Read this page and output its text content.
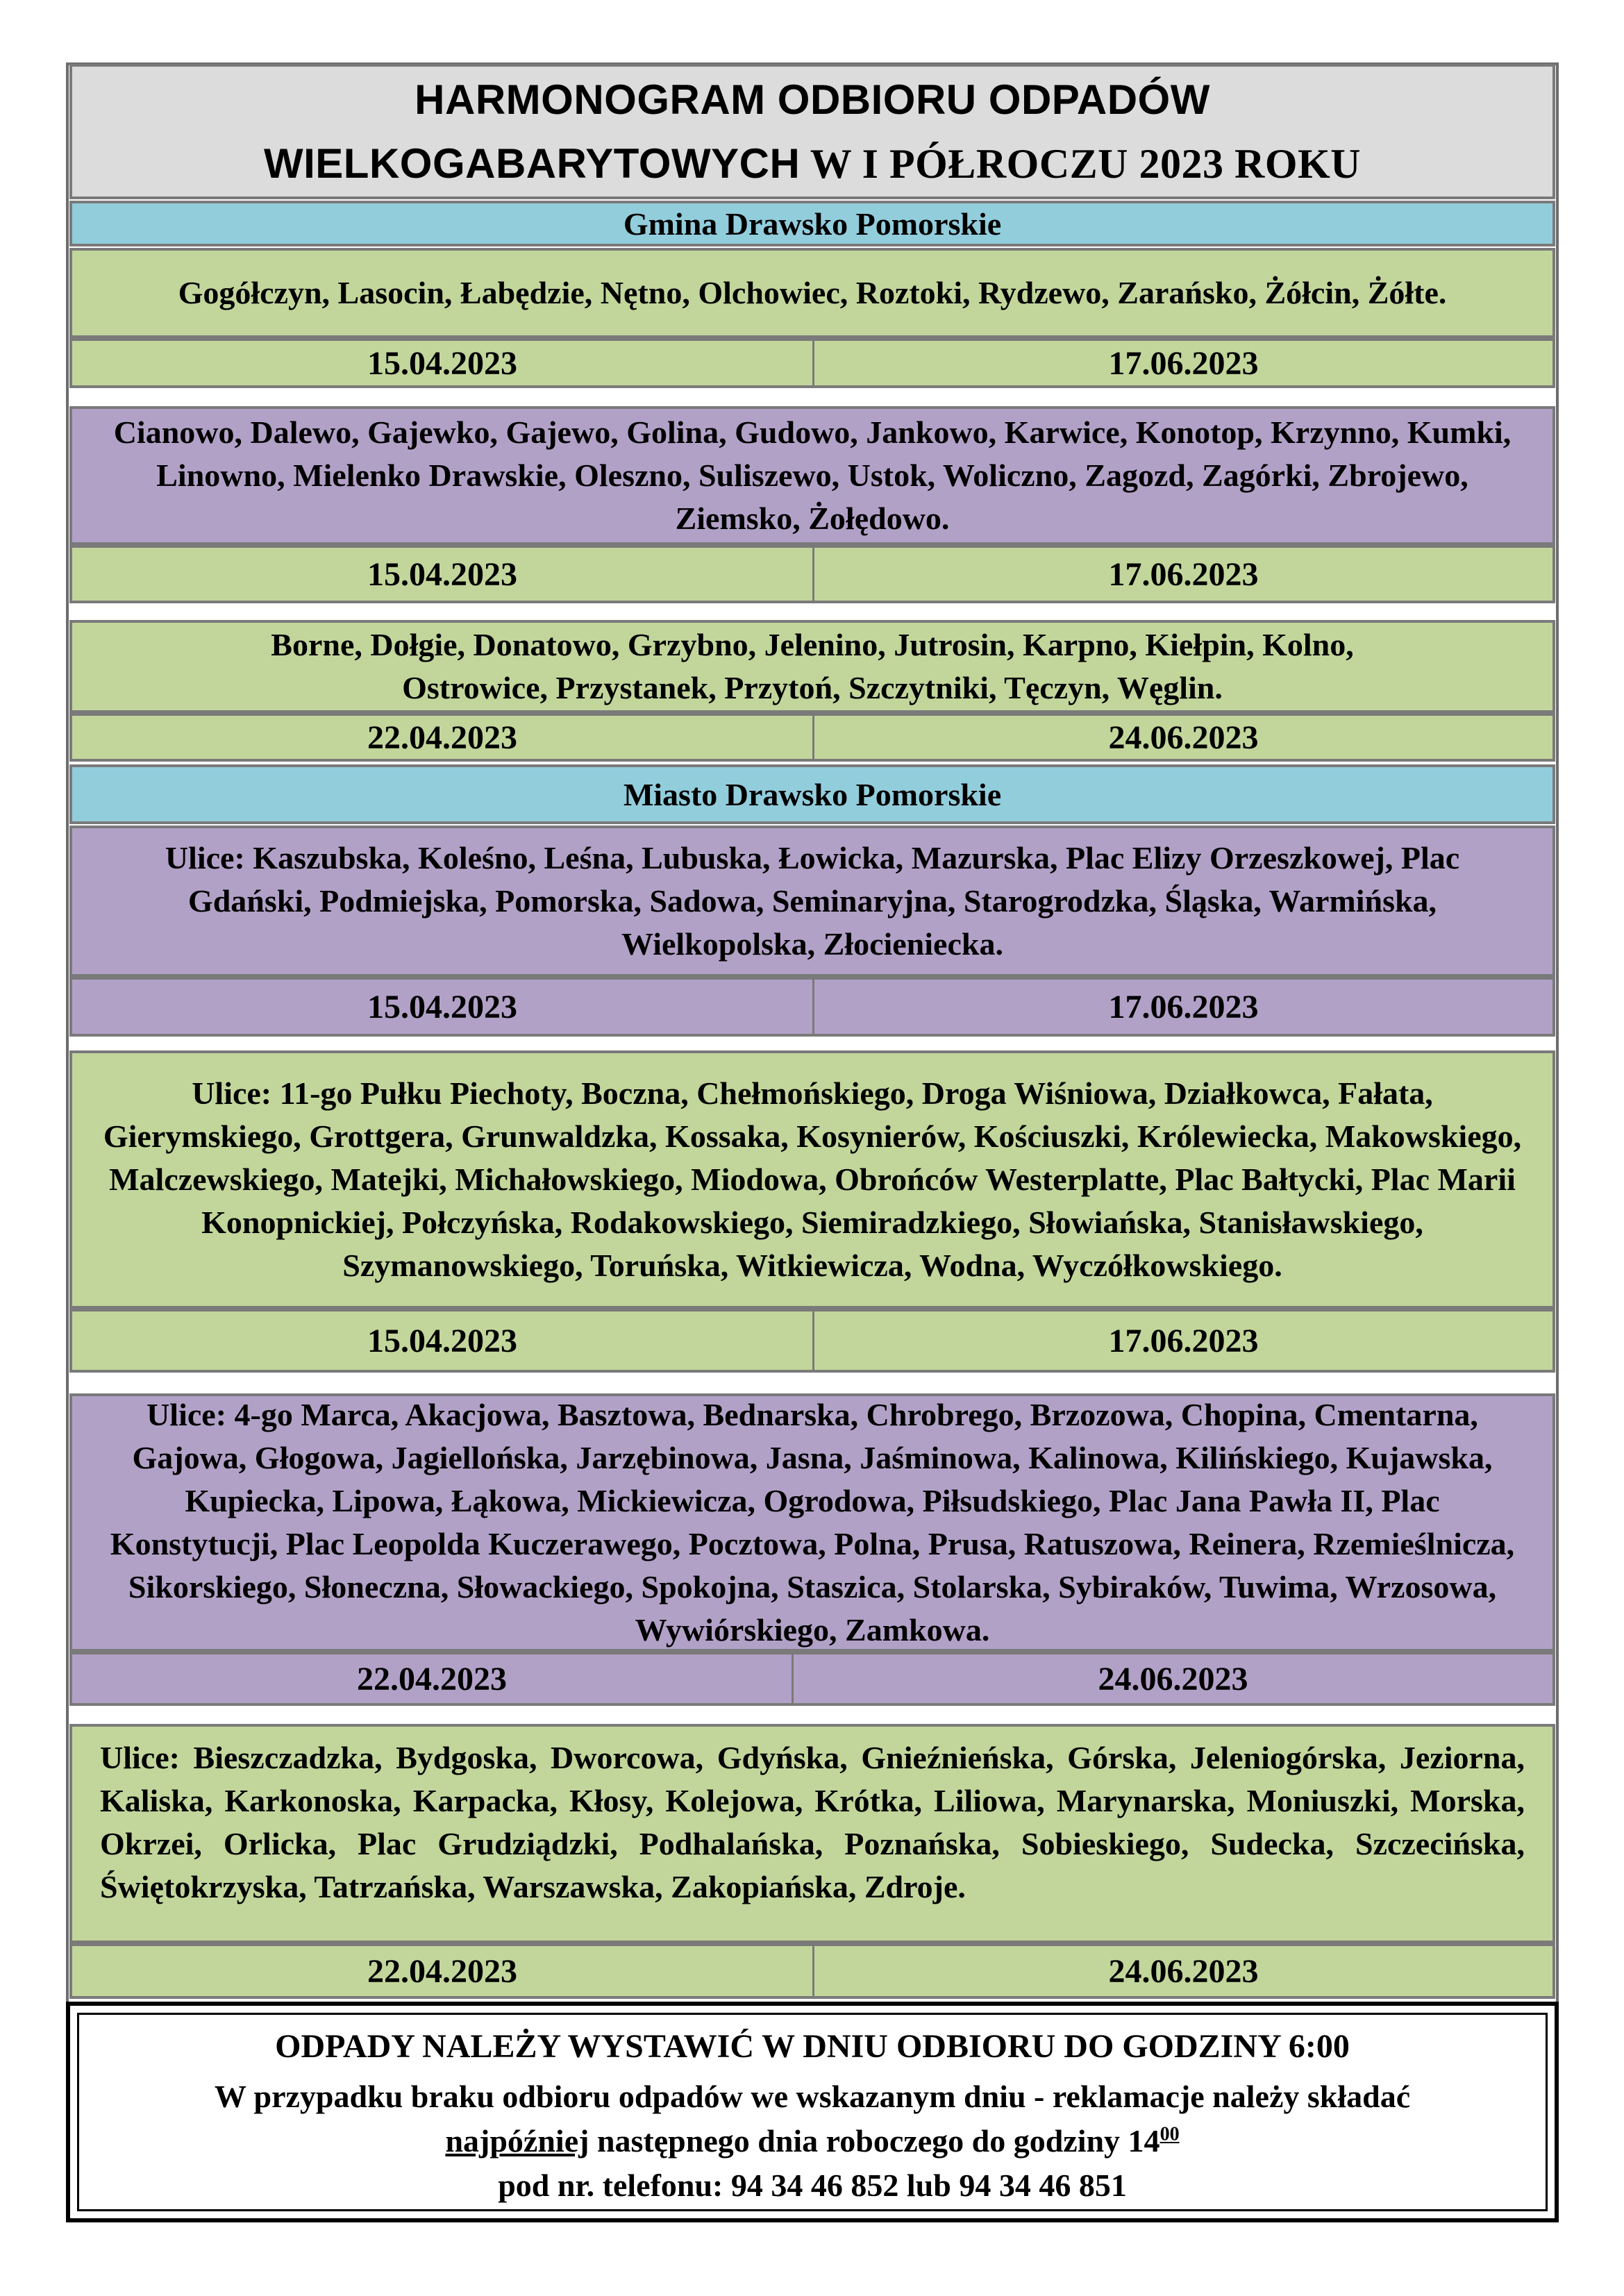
HARMONOGRAM ODBIORU ODPADÓW
WIELKOGABARYTOWYCH W I PÓŁROCZU 2023 ROKU
Gmina Drawsko Pomorskie
Gogółczyn, Lasocin, Łabędzie, Nętno, Olchowiec, Roztoki, Rydzewo, Zarańsko, Żółcin, Żółte.
15.04.2023	17.06.2023
Cianowo, Dalewo, Gajewko, Gajewo, Golina, Gudowo, Jankowo, Karwice, Konotop, Krzynno, Kumki, Linowno, Mielenko Drawskie, Oleszno, Suliszewo, Ustok, Woliczno, Zagozd, Zagórki, Zbrojewo, Ziemsko, Żołędowo.
15.04.2023	17.06.2023
Borne, Dołgie, Donatowo, Grzybno, Jelenino, Jutrosin, Karpno, Kiełpin, Kolno, Ostrowice, Przystanek, Przytoń, Szczytniki, Tęczyn, Węglin.
22.04.2023	24.06.2023
Miasto Drawsko Pomorskie
Ulice: Kaszubska, Koleśno, Leśna, Lubuska, Łowicka, Mazurska, Plac Elizy Orzeszkowej, Plac Gdański, Podmiejska, Pomorska, Sadowa, Seminaryjna, Starogrodzka, Śląska, Warmińska, Wielkopolska, Złocieniecka.
15.04.2023	17.06.2023
Ulice: 11-go Pułku Piechoty, Boczna, Chełmońskiego, Droga Wiśniowa, Działkowca, Fałata, Gierymskiego, Grottgera, Grunwaldzka, Kossaka, Kosynierów, Kościuszki, Królewiecka, Makowskiego, Malczewskiego, Matejki, Michałowskiego, Miodowa, Obrońców Westerplatte, Plac Bałtycki, Plac Marii Konopnickiej, Połczyńska, Rodakowskiego, Siemiradzkiego, Słowiańska, Stanisławskiego, Szymanowskiego, Toruńska, Witkiewicza, Wodna, Wyczółkowskiego.
15.04.2023	17.06.2023
Ulice: 4-go Marca, Akacjowa, Basztowa, Bednarska, Chrobrego, Brzozowa, Chopina, Cmentarna, Gajowa, Głogowa, Jagiellońska, Jarzębinowa, Jasna, Jaśminowa, Kalinowa, Kilińskiego, Kujawska, Kupiecka, Lipowa, Łąkowa, Mickiewicza, Ogrodowa, Piłsudskiego, Plac Jana Pawła II, Plac Konstytucji, Plac Leopolda Kuczerawego, Pocztowa, Polna, Prusa, Ratuszowa, Reinera, Rzemieślnicza, Sikorskiego, Słoneczna, Słowackiego, Spokojna, Staszica, Stolarska, Sybiraków, Tuwima, Wrzosowa, Wywiórskiego, Zamkowa.
22.04.2023	24.06.2023
Ulice: Bieszczadzka, Bydgoska, Dworcowa, Gdyńska, Gnieźnieńska, Górska, Jeleniogórska, Jeziorna, Kaliska, Karkonoska, Karpacka, Kłosy, Kolejowa, Krótka, Liliowa, Marynarska, Moniuszki, Morska, Okrzei, Orlicka, Plac Grudziądzki, Podhalańska, Poznańska, Sobieskiego, Sudecka, Szczecińska, Świętokrzyska, Tatrzańska, Warszawska, Zakopiańska, Zdroje.
22.04.2023	24.06.2023
ODPADY NALEŻY WYSTAWIĆ W DNIU ODBIORU DO GODZINY 6:00
W przypadku braku odbioru odpadów we wskazanym dniu - reklamacje należy składać
najpóźniej następnego dnia roboczego do godziny $14^{00}$
pod nr. telefonu: 94 34 46 852 lub 94 34 46 851
